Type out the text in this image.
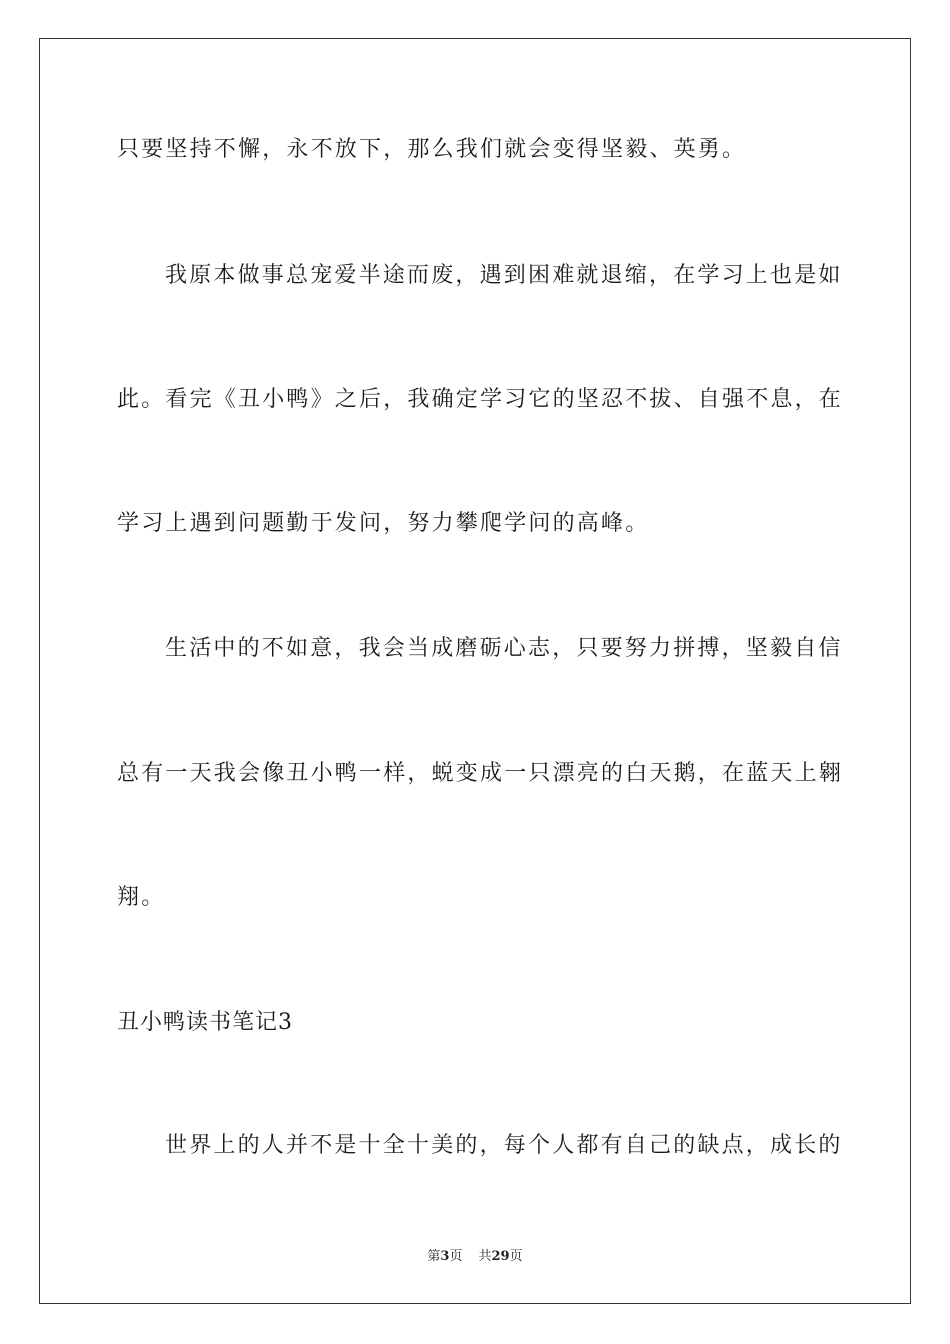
只要坚持不懈，永不放下，那么我们就会变得坚毅、英勇。
我原本做事总宠爱半途而废，遇到困难就退缩，在学习上也是如
此。看完《丑小鸭》之后，我确定学习它的坚忍不拔、自强不息，在
学习上遇到问题勤于发问，努力攀爬学问的高峰。
生活中的不如意，我会当成磨砺心志，只要努力拼搏，坚毅自信
总有一天我会像丑小鸭一样，蜕变成一只漂亮的白天鹅，在蓝天上翱
翔。
丑小鸭读书笔记3
世界上的人并不是十全十美的，每个人都有自己的缺点，成长的
第3页 共29页
